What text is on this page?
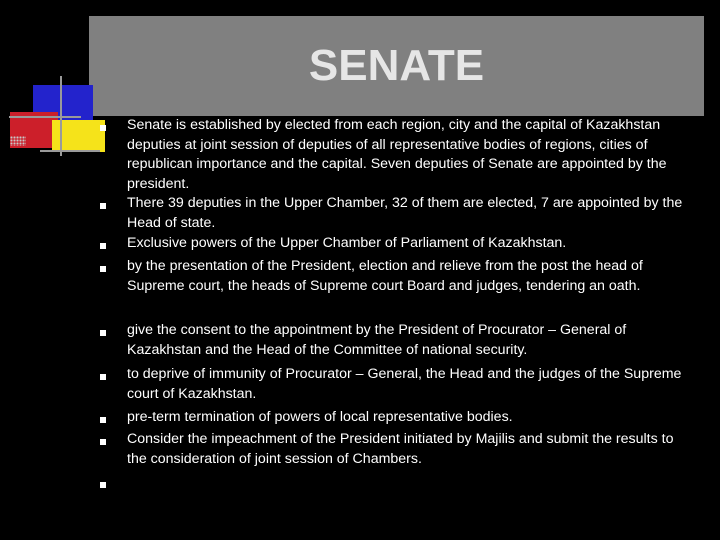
SENATE
Senate is established by elected from each region, city and the capital of Kazakhstan deputies at joint session of deputies of all representative bodies of regions, cities of republican importance and the capital. Seven deputies of Senate are appointed by the president.
There 39 deputies in the Upper Chamber, 32 of them are elected, 7 are appointed by the Head of state.
Exclusive powers of the Upper Chamber of Parliament of Kazakhstan.
by the presentation of the President, election and relieve from the post the head of Supreme court, the heads of Supreme court Board and judges, tendering an oath.
give the consent to the appointment by the President of Procurator – General of Kazakhstan and the Head of the Committee of national security.
to deprive of immunity of Procurator – General, the Head and the judges of the Supreme court of Kazakhstan.
pre-term termination of powers of local representative bodies.
Consider the impeachment of the President initiated by Majilis and submit the results to the consideration of joint session of Chambers.
